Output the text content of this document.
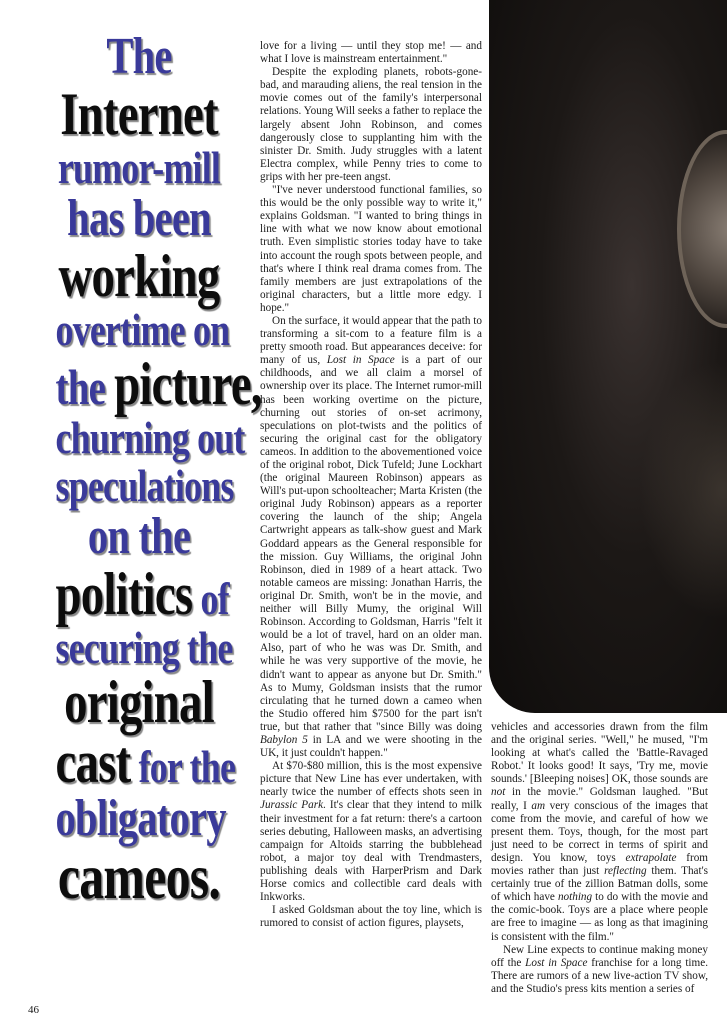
The
Internet
rumor-mill
has been
working
overtime on
the picture,
churning out
speculations
on the
politics of
securing the
original
cast for the
obligatory
cameos.

love for a living — until they stop me! — and what I love is mainstream entertainment."

Despite the exploding planets, robots-gone-bad, and marauding aliens, the real tension in the movie comes out of the family's interpersonal relations. Young Will seeks a father to replace the largely absent John Robinson, and comes dangerously close to supplanting him with the sinister Dr. Smith. Judy struggles with a latent Electra complex, while Penny tries to come to grips with her pre-teen angst.

"I've never understood functional families, so this would be the only possible way to write it," explains Goldsman. "I wanted to bring things in line with what we now know about emotional truth. Even simplistic stories today have to take into account the rough spots between people, and that's where I think real drama comes from. The family members are just extrapolations of the original characters, but a little more edgy. I hope."

On the surface, it would appear that the path to transforming a sit-com to a feature film is a pretty smooth road. But appearances deceive: for many of us, Lost in Space is a part of our childhoods, and we all claim a morsel of ownership over its place. The Internet rumor-mill has been working overtime on the picture, churning out stories of on-set acrimony, speculations on plot-twists and the politics of securing the original cast for the obligatory cameos. In addition to the abovementioned voice of the original robot, Dick Tufeld; June Lockhart (the original Maureen Robinson) appears as Will's put-upon schoolteacher; Marta Kristen (the original Judy Robinson) appears as a reporter covering the launch of the ship; Angela Cartwright appears as talk-show guest and Mark Goddard appears as the General responsible for the mission. Guy Williams, the original John Robinson, died in 1989 of a heart attack. Two notable cameos are missing: Jonathan Harris, the original Dr. Smith, won't be in the movie, and neither will Billy Mumy, the original Will Robinson. According to Goldsman, Harris "felt it would be a lot of travel, hard on an older man. Also, part of who he was was Dr. Smith, and while he was very supportive of the movie, he didn't want to appear as anyone but Dr. Smith." As to Mumy, Goldsman insists that the rumor circulating that he turned down a cameo when the Studio offered him $7500 for the part isn't true, but that rather that "since Billy was doing Babylon 5 in LA and we were shooting in the UK, it just couldn't happen."

At $70-$80 million, this is the most expensive picture that New Line has ever undertaken, with nearly twice the number of effects shots seen in Jurassic Park. It's clear that they intend to milk their investment for a fat return: there's a cartoon series debuting, Halloween masks, an advertising campaign for Altoids starring the bubblehead robot, a major toy deal with Trendmasters, publishing deals with HarperPrism and Dark Horse comics and collectible card deals with Inkworks.

I asked Goldsman about the toy line, which is rumored to consist of action figures, playsets,

vehicles and accessories drawn from the film and the original series. "Well," he mused, "I'm looking at what's called the 'Battle-Ravaged Robot.' It looks good! It says, 'Try me, movie sounds.' [Bleeping noises] OK, those sounds are not in the movie." Goldsman laughed. "But really, I am very conscious of the images that come from the movie, and careful of how we present them. Toys, though, for the most part just need to be correct in terms of spirit and design. You know, toys extrapolate from movies rather than just reflecting them. That's certainly true of the zillion Batman dolls, some of which have nothing to do with the movie and the comic-book. Toys are a place where people are free to imagine — as long as that imagining is consistent with the film."

New Line expects to continue making money off the Lost in Space franchise for a long time. There are rumors of a new live-action TV show, and the Studio's press kits mention a series of

46
